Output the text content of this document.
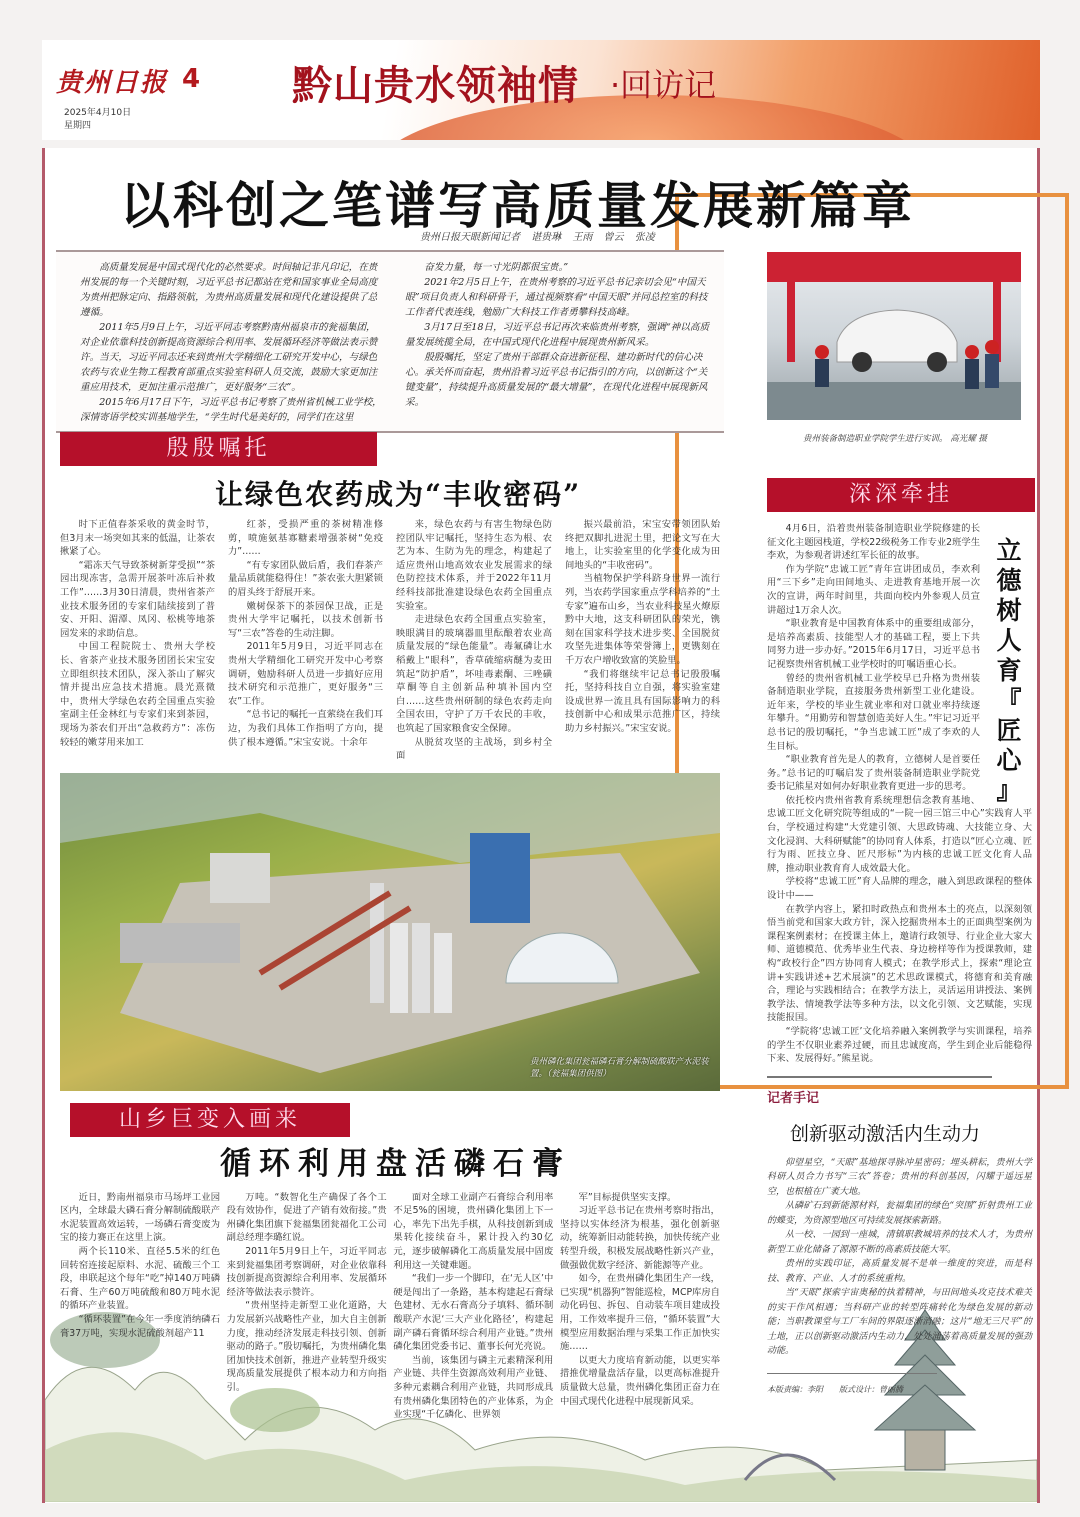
贵州日报 4
2025年4月10日
星期四
黔山贵水领袖情 ·回访记
以科创之笔谱写高质量发展新篇章
贵州日报天眼新闻记者 谌贵琳 王雨 曾云 张凌

高质量发展是中国式现代化的必然要求。时间轴记非凡印记，在贵州发展的每一个关键时刻，习近平总书记都站在党和国家事业全局高度为贵州把脉定向、指路领航，为贵州高质量发展和现代化建设提供了总遵循。

2011年5月9日上午，习近平同志考察黔南州福泉市的瓮福集团，对企业依靠科技创新提高资源综合利用率、发展循环经济等做法表示赞许。当天，习近平同志还来到贵州大学精细化工研究开发中心，与绿色农药与农业生物工程教育部重点实验室科研人员交流，鼓励大家更加注重应用技术，更加注重示范推广，更好服务“三农”。

2015年6月17日下午，习近平总书记考察了贵州省机械工业学校，深情寄语学校实训基地学生，“学生时代是美好的，同学们在这里

奋发力量，每一寸光阴都很宝贵。”

2021年2月5日上午，在贵州考察的习近平总书记亲切会见“中国天眼”项目负责人和科研骨干，通过视频察看“中国天眼”并同总控室的科技工作者代表连线，勉励广大科技工作者勇攀科技高峰。

3月17日至18日，习近平总书记再次来临贵州考察，强调“神以高质量发展统揽全局，在中国式现代化进程中展现贵州新风采。

殷殷嘱托，坚定了贵州干部群众奋进新征程、建功新时代的信心决心。承关怀而奋起，贵州沿着习近平总书记指引的方向，以创新这个“关键变量”，持续提升高质量发展的“最大增量”，在现代化进程中展现新风采。

殷殷嘱托
让绿色农药成为“丰收密码”

时下正值春茶采收的黄金时节，但3月末一场突如其来的低温，让茶农揪紧了心。

“霜冻天气导致茶树新芽受损”“茶园出现冻害，急需开展茶叶冻后补救工作”……3月30日清晨，贵州省茶产业技术服务团的专家们陆续接到了普安、开阳、湄潭、凤冈、松桃等地茶园发来的求助信息。

中国工程院院士、贵州大学校长、省茶产业技术服务团团长宋宝安立即组织技术团队，深入茶山了解灾情并提出应急技术措施。晨光熹微中，贵州大学绿色农药全国重点实验室副主任金林红与专家们来到茶园，现场为茶农们开出“急救药方”：冻伤较轻的嫩芽用来加工

红茶，受损严重的茶树精准修剪，喷施氨基寡糖素增强茶树“免疫力”……

“有专家团队做后盾，我们春茶产量品质就能稳得住！”茶农张大胆紧锁的眉头终于舒展开来。

嫩树保茶下的茶园保卫战，正是贵州大学牢记嘱托，以技术创新书写“三农”答卷的生动注脚。

2011年5月9日，习近平同志在贵州大学精细化工研究开发中心考察调研，勉励科研人员进一步搞好应用技术研究和示范推广，更好服务“三农”工作。

“总书记的嘱托一直萦绕在我们耳边，为我们具体工作指明了方向，提供了根本遵循。”宋宝安说。十余年

来，绿色农药与有害生物绿色防控团队牢记嘱托，坚持生态为根、农艺为本、生防为先的理念，构建起了适应贵州山地高效农业发展需求的绿色防控技术体系，并于2022年11月经科技部批准建设绿色农药全国重点实验室。

走进绿色农药全国重点实验室，映眼满目的玻璃器皿里酝酿着农业高质量发展的“绿色能量”。毒氟磷让水稻戴上“眼科”，香草硫缩病醚为麦田筑起“防护盾”，坏哇毒素酮、三唑磺草酮等自主创新品种填补国内空白……这些贵州研制的绿色农药走向全国农田，守护了万千农民的丰收，也筑起了国家粮食安全保障。

从脱贫攻坚的主战场，到乡村全面

振兴最前沿，宋宝安带领团队始终把双脚扎进泥土里，把论文写在大地上，让实验室里的化学变化成为田间地头的“丰收密码”。

当植物保护学科跻身世界一流行列，当农药学国家重点学科培养的“土专家”遍布山乡，当农业科技星火燎原黔中大地，这支科研团队的荣光，镌刻在国家科学技术进步奖、全国脱贫攻坚先进集体等荣誉簿上，更镌刻在千万农户增收致富的笑脸里。

“我们将继续牢记总书记殷殷嘱托，坚持科技自立自强，将实验室建设成世界一流且具有国际影响力的科技创新中心和成果示范推广区，持续助力乡村振兴。”宋宝安说。

贵州磷化集团瓮福磷石膏分解制硫酸联产水泥装置。（瓮福集团供图）
山乡巨变入画来
循环利用盘活磷石膏

近日，黔南州福泉市马场坪工业园区内，全球最大磷石膏分解制硫酸联产水泥装置高效运转，一场磷石膏变废为宝的接力赛正在这里上演。

两个长110米、直径5.5米的红色回转窑连接起原料、水泥、硫酸三个工段，串联起这个每年“吃”掉140万吨磷石膏、生产60万吨硫酸和80万吨水泥的循环产业装置。

“循环装置”在今年一季度消纳磷石膏37万吨，实现水泥硫酸剂超产11

万吨。“数智化生产确保了各个工段有效协作，促进了产销有效衔接。”贵州磷化集团旗下瓮福集团瓮福化工公司副总经理李璐红说。

2011年5月9日上午，习近平同志来到瓮福集团考察调研，对企业依靠科技创新提高资源综合利用率、发展循环经济等做法表示赞许。

“贵州坚持走新型工业化道路，大力发展新兴战略性产业，加大自主创新力度，推动经济发展走科技引领、创新驱动的路子。”殷切嘱托，为贵州磷化集团加快技术创新，推进产业转型升级实现高质量发展提供了根本动力和方向指引。

面对全球工业副产石膏综合利用率不足5%的困境，贵州磷化集团上下一心，率先下出先手棋，从科技创新到成果转化接续奋斗，累计投入约30亿元，逐步破解磷化工高质量发展中固废利用这一关键难题。

“我们一步一个脚印，在‘无人区’中硬是闯出了一条路，基本构建起石膏绿色建材、无水石膏高分子填料、循环制酸联产水泥‘三大产业化路径’，构建起副产磷石膏循环综合利用产业链。”贵州磷化集团党委书记、董事长何光亮说。

当前，该集团与磷主元素精深利用产业链、共伴生资源高效利用产业链、多种元素耦合利用产业链，共同形成具有贵州磷化集团特色的产业体系，为企业实现“千亿磷化、世界领

军”目标提供坚实支撑。

习近平总书记在贵州考察时指出，坚持以实体经济为根基，强化创新驱动，统筹新旧动能转换，加快传统产业转型升级，积极发展战略性新兴产业，做强做优数字经济、新能源等产业。

如今，在贵州磷化集团生产一线，已实现“机器狗”智能巡检，MCP库房自动化码包、拆包、自动装车项目建成投用，工作效率提升三倍，“循环装置”大模型应用数据治理与采集工作正加快实施……

以更大力度培育新动能，以更实举措推优增量盘活存量，以更高标准提升质量做大总量，贵州磷化集团正奋力在中国式现代化进程中展现新风采。

贵州装备制造职业学院学生进行实训。 高光耀 摄
深深牵挂
立
德
树
人
育
『
匠
心
』

4月6日，沿着贵州装备制造职业学院修建的长征文化主题园栈道，学校22级税务工作专业2班学生李欢，为参观者讲述红军长征的故事。

作为学院“忠诚工匠”青年宣讲团成员，李欢利用“三下乡”走向田间地头、走进教育基地开展一次次的宣讲，两年时间里，共面向校内外参观人员宣讲超过1万余人次。

“职业教育是中国教育体系中的重要组成部分，是培养高素质、技能型人才的基础工程，要上下共同努力进一步办好。”2015年6月17日，习近平总书记视察贵州省机械工业学校时的叮嘱语重心长。

曾经的贵州省机械工业学校早已升格为贵州装备制造职业学院，直接服务贵州新型工业化建设。近年来，学校的毕业生就业率和对口就业率持续逐年攀升。“用勤劳和智慧创造美好人生。”牢记习近平总书记的殷切嘱托，“争当忠诚工匠”成了李欢的人生目标。

“职业教育首先是人的教育，立德树人是首要任务。”总书记的叮嘱启发了贵州装备制造职业学院党委书记熊星对如何办好职业教育更进一步的思考。

依托校内贵州省教育系统理想信念教育基地、忠诚工匠文化研究院等组成的“一院一园三馆三中心”实践育人平台，学校通过构建“大党建引领、大思政铸魂、大技能立身、大文化浸润、大科研赋能”的协同育人体系，打造以“匠心立魂、匠行为雨、匠技立身、匠尺形标”为内核的忠诚工匠文化育人品牌，推动职业教育育人成效最大化。

学校将“忠诚工匠”育人品牌的理念，融入到思政课程的整体设计中——

在教学内容上，紧扣时政热点和贵州本土的亮点，以深刻领悟当前党和国家大政方针，深入挖掘贵州本土的正面典型案例为课程案例素材；在授课主体上，邀请行政领导、行业企业大家大师、道德模范、优秀毕业生代表、身边榜样等作为授课教师，建构“政校行企”四方协同育人模式；在教学形式上，探索“理论宣讲+实践讲述+艺术展演”的艺术思政课模式，将德育和美育融合，理论与实践相结合；在教学方法上，灵活运用讲授法、案例教学法、情境教学法等多种方法，以文化引领、文艺赋能，实现技能报国。

“学院将‘忠诚工匠’文化培养融入案例教学与实训课程，培养的学生不仅职业素养过硬，而且忠诚度高，学生到企业后能稳得下来、发展得好。”熊星说。

记者手记
创新驱动激活内生动力

仰望星空，“天眼”基地探寻脉冲星密码；埋头耕耘，贵州大学科研人员合力书写“三农”答卷；贵州的科创基因，闪耀于遥远星空，也根植在广袤大地。

从磷矿石到新能源材料，瓮福集团的绿色“突围”折射贵州工业的蝶变，为资源型地区可持续发展探索新路。

从一校、一园到一座城，清镇职教城培养的技术人才，为贵州新型工业化储备了源源不断的高素质技能大军。

贵州的实践印证，高质量发展不是单一维度的突进，而是科技、教育、产业、人才的系统重构。

当“天眼”探索宇宙奥秘的执着精神，与田间地头攻克技术难关的实干作风相遇；当科研产业的转型阵痛转化为绿色发展的新动能；当职教课堂与工厂车间的界限逐渐消融；这片“地无三尺平”的土地，正以创新驱动激活内生动力，处处涌荡着高质量发展的强劲动能。

本版责编：李阳　　版式设计：曾丽腾
